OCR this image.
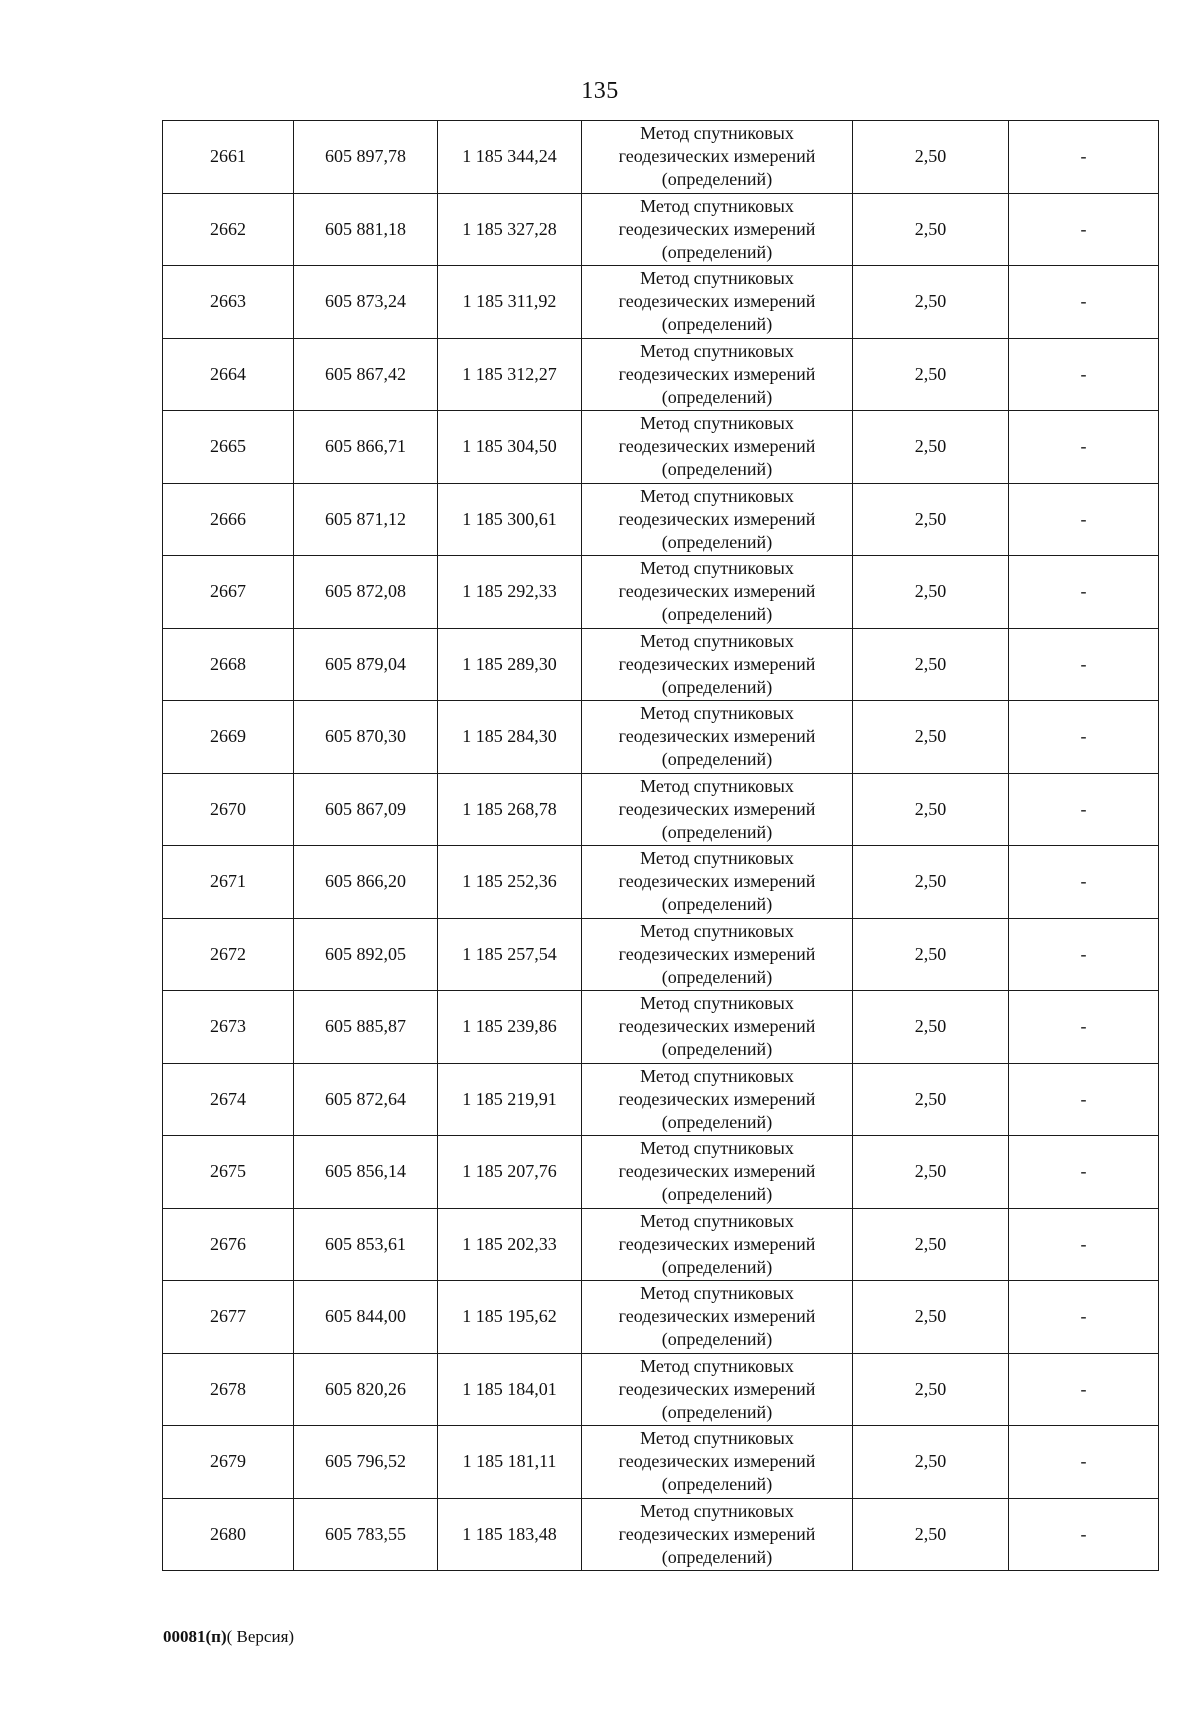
135
2661	605 897,78	1 185 344,24	Метод спутниковых геодезических измерений (определений)	2,50	-
2662	605 881,18	1 185 327,28	Метод спутниковых геодезических измерений (определений)	2,50	-
2663	605 873,24	1 185 311,92	Метод спутниковых геодезических измерений (определений)	2,50	-
2664	605 867,42	1 185 312,27	Метод спутниковых геодезических измерений (определений)	2,50	-
2665	605 866,71	1 185 304,50	Метод спутниковых геодезических измерений (определений)	2,50	-
2666	605 871,12	1 185 300,61	Метод спутниковых геодезических измерений (определений)	2,50	-
2667	605 872,08	1 185 292,33	Метод спутниковых геодезических измерений (определений)	2,50	-
2668	605 879,04	1 185 289,30	Метод спутниковых геодезических измерений (определений)	2,50	-
2669	605 870,30	1 185 284,30	Метод спутниковых геодезических измерений (определений)	2,50	-
2670	605 867,09	1 185 268,78	Метод спутниковых геодезических измерений (определений)	2,50	-
2671	605 866,20	1 185 252,36	Метод спутниковых геодезических измерений (определений)	2,50	-
2672	605 892,05	1 185 257,54	Метод спутниковых геодезических измерений (определений)	2,50	-
2673	605 885,87	1 185 239,86	Метод спутниковых геодезических измерений (определений)	2,50	-
2674	605 872,64	1 185 219,91	Метод спутниковых геодезических измерений (определений)	2,50	-
2675	605 856,14	1 185 207,76	Метод спутниковых геодезических измерений (определений)	2,50	-
2676	605 853,61	1 185 202,33	Метод спутниковых геодезических измерений (определений)	2,50	-
2677	605 844,00	1 185 195,62	Метод спутниковых геодезических измерений (определений)	2,50	-
2678	605 820,26	1 185 184,01	Метод спутниковых геодезических измерений (определений)	2,50	-
2679	605 796,52	1 185 181,11	Метод спутниковых геодезических измерений (определений)	2,50	-
2680	605 783,55	1 185 183,48	Метод спутниковых геодезических измерений (определений)	2,50	-
00081(п)( Версия)
